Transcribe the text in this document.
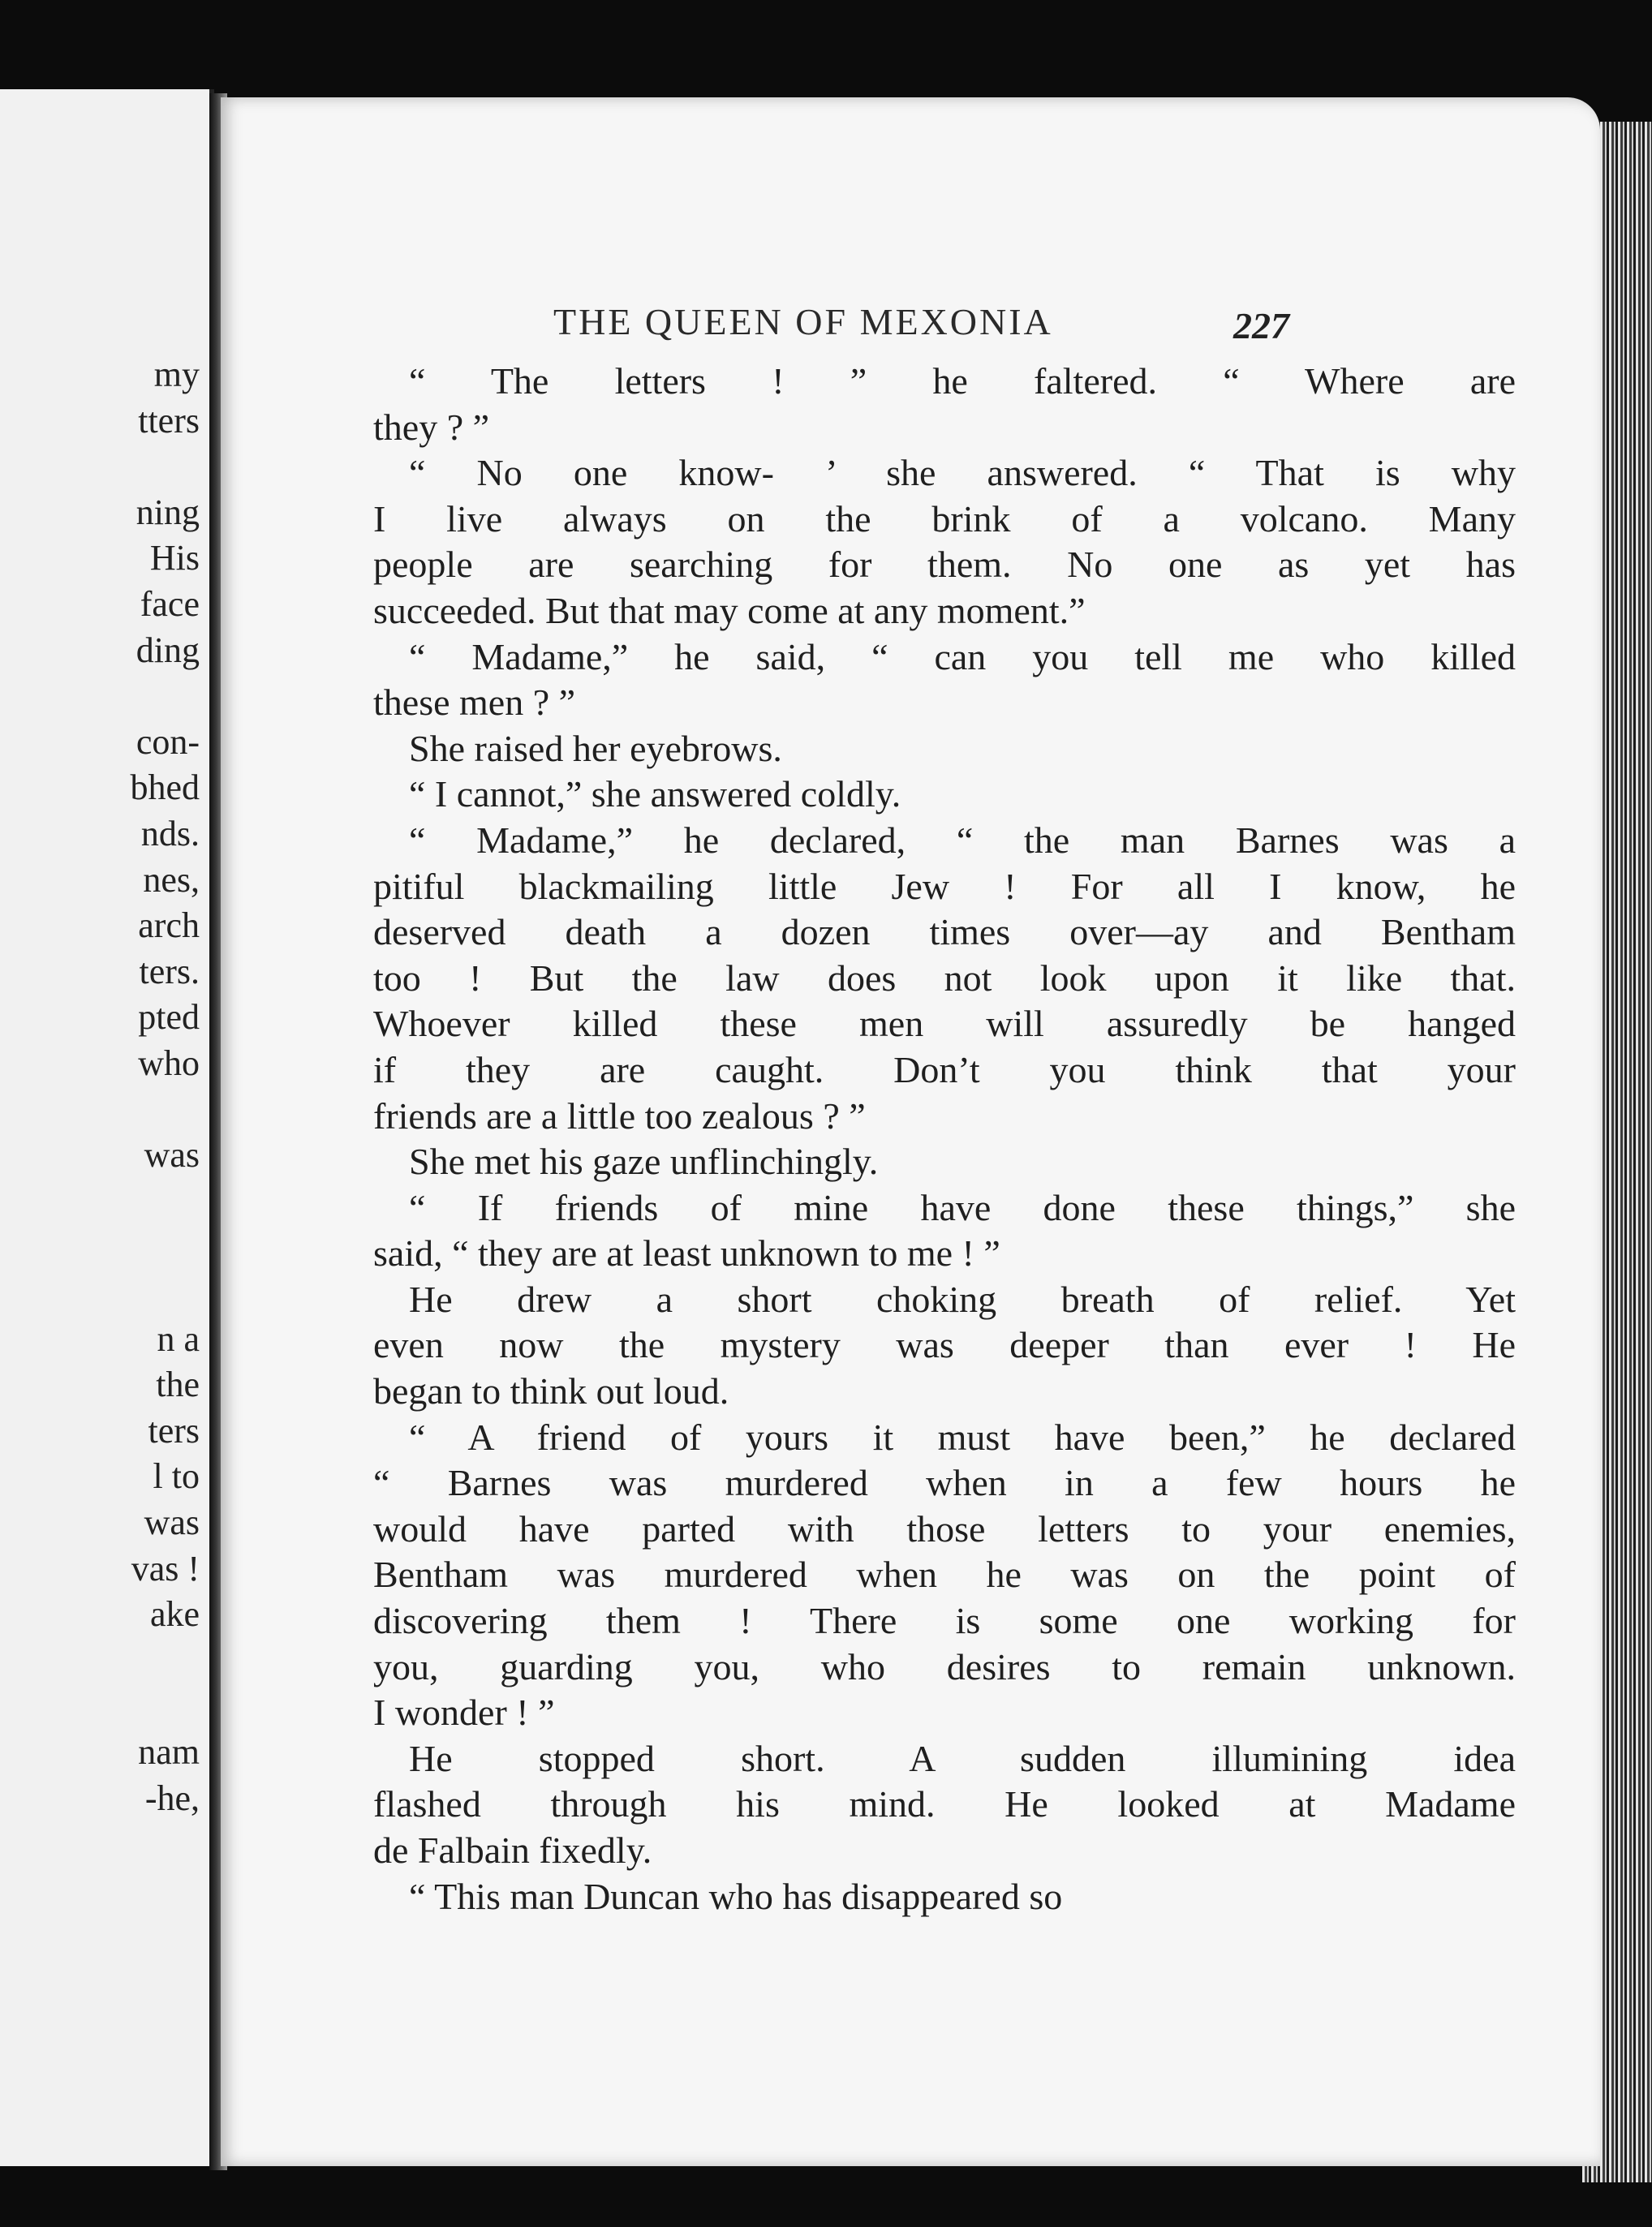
my
tters
ning
His
face
ding
con-
bhed
nds.
nes,
arch
ters.
pted
who
was
n a
the
ters
l to
was
vas !
ake
nam
-he,
THE QUEEN OF MEXONIA	227
“ The letters ! ” he faltered. “ Where are
they ? ”
“ No one know- ’ she answered. “ That is why
I live always on the brink of a volcano. Many
people are searching for them. No one as yet has
succeeded. But that may come at any moment.”
“ Madame,” he said, “ can you tell me who killed
these men ? ”
She raised her eyebrows.
“ I cannot,” she answered coldly.
“ Madame,” he declared, “ the man Barnes was a
pitiful blackmailing little Jew ! For all I know, he
deserved death a dozen times over—ay and Bentham
too ! But the law does not look upon it like that.
Whoever killed these men will assuredly be hanged
if they are caught. Don’t you think that your
friends are a little too zealous ? ”
She met his gaze unflinchingly.
“ If friends of mine have done these things,” she
said, “ they are at least unknown to me ! ”
He drew a short choking breath of relief. Yet
even now the mystery was deeper than ever ! He
began to think out loud.
“ A friend of yours it must have been,” he declared
“ Barnes was murdered when in a few hours he
would have parted with those letters to your enemies,
Bentham was murdered when he was on the point of
discovering them ! There is some one working for
you, guarding you, who desires to remain unknown.
I wonder ! ”
He stopped short. A sudden illumining idea
flashed through his mind. He looked at Madame
de Falbain fixedly.
“ This man Duncan who has disappeared so
